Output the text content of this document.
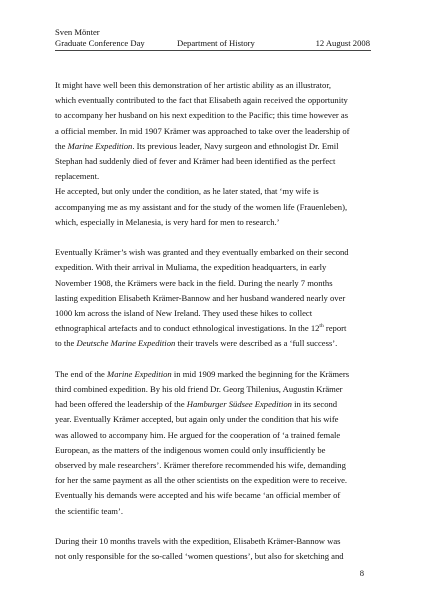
Sven Mönter
Graduate Conference Day	Department of History	12 August 2008

It might have well been this demonstration of her artistic ability as an illustrator,
which eventually contributed to the fact that Elisabeth again received the opportunity
to accompany her husband on his next expedition to the Pacific; this time however as
a official member. In mid 1907 Krämer was approached to take over the leadership of
the Marine Expedition. Its previous leader, Navy surgeon and ethnologist Dr. Emil
Stephan had suddenly died of fever and Krämer had been identified as the perfect
replacement.

He accepted, but only under the condition, as he later stated, that ‘my wife is
accompanying me as my assistant and for the study of the women life (Frauenleben),
which, especially in Melanesia, is very hard for men to research.’

Eventually Krämer’s wish was granted and they eventually embarked on their second
expedition. With their arrival in Muliama, the expedition headquarters, in early
November 1908, the Krämers were back in the field. During the nearly 7 months
lasting expedition Elisabeth Krämer-Bannow and her husband wandered nearly over
1000 km across the island of New Ireland. They used these hikes to collect
ethnographical artefacts and to conduct ethnological investigations. In the 12th report
to the Deutsche Marine Expedition their travels were described as a ‘full success’.

The end of the Marine Expedition in mid 1909 marked the beginning for the Krämers
third combined expedition. By his old friend Dr. Georg Thilenius, Augustin Krämer
had been offered the leadership of the Hamburger Südsee Expedition in its second
year. Eventually Krämer accepted, but again only under the condition that his wife
was allowed to accompany him. He argued for the cooperation of ‘a trained female
European, as the matters of the indigenous women could only insufficiently be
observed by male researchers’. Krämer therefore recommended his wife, demanding
for her the same payment as all the other scientists on the expedition were to receive.
Eventually his demands were accepted and his wife became ‘an official member of
the scientific team’.

During their 10 months travels with the expedition, Elisabeth Krämer-Bannow was
not only responsible for the so-called ‘women questions’, but also for sketching and

8
